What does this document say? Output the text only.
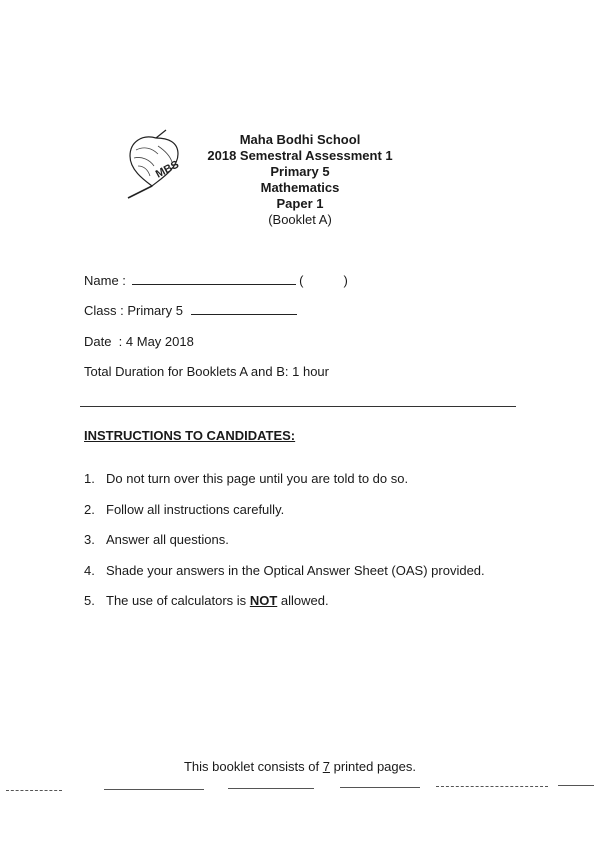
MBS
Maha Bodhi School
2018 Semestral Assessment 1
Primary 5
Mathematics
Paper 1
(Booklet A)
Name :	(	)
Class : Primary 5
Date  : 4 May 2018
Total Duration for Booklets A and B: 1 hour
INSTRUCTIONS TO CANDIDATES:
1. Do not turn over this page until you are told to do so.
2. Follow all instructions carefully.
3. Answer all questions.
4. Shade your answers in the Optical Answer Sheet (OAS) provided.
5. The use of calculators is NOT allowed.
This booklet consists of 7 printed pages.
